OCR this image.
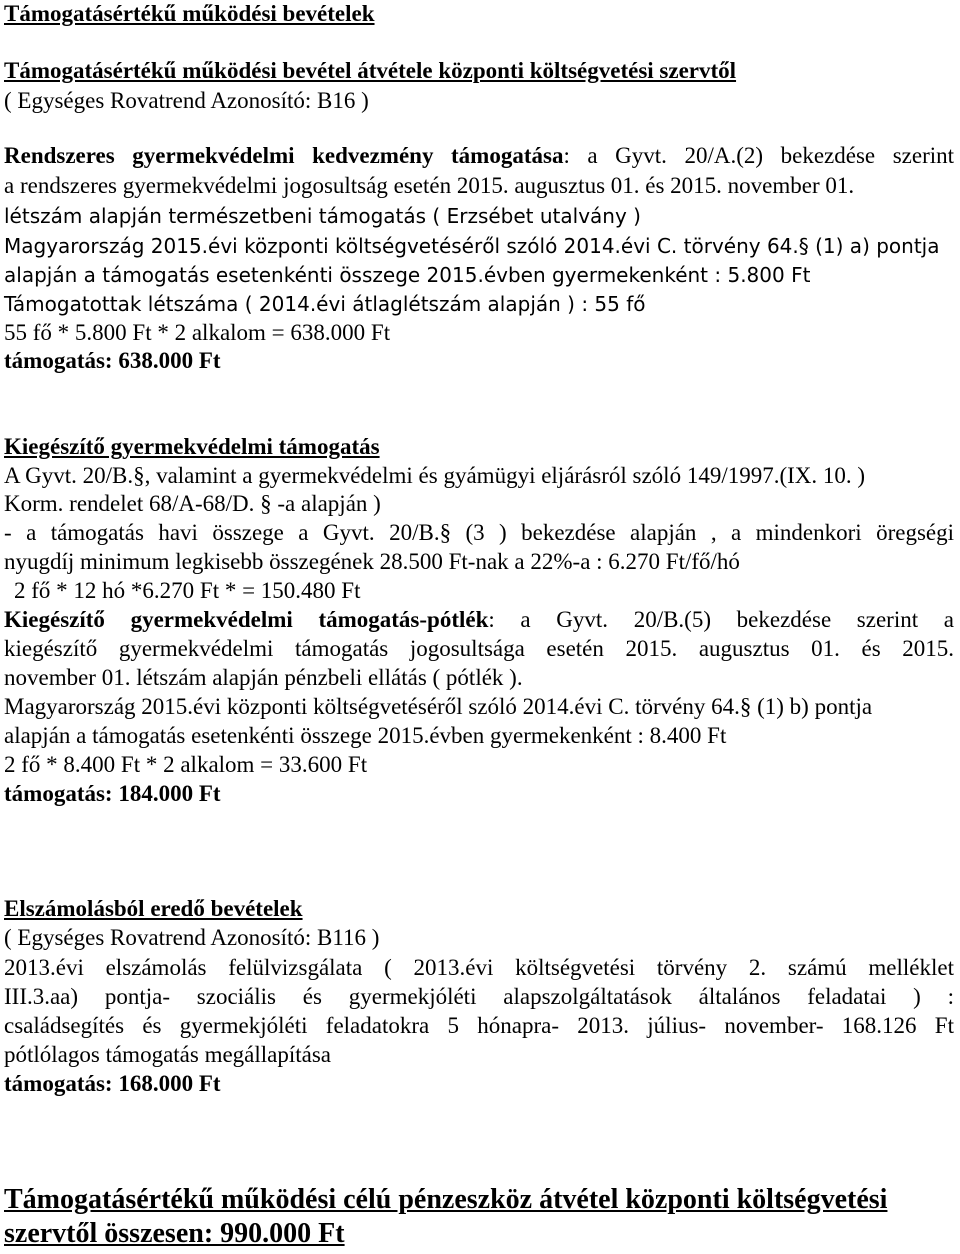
Támogatásértékű működési bevételek
Támogatásértékű működési bevétel átvétele központi költségvetési szervtől
( Egységes Rovatrend Azonosító: B16 )
Rendszeres gyermekvédelmi kedvezmény támogatása: a Gyvt. 20/A.(2) bekezdése szerint
a rendszeres gyermekvédelmi jogosultság esetén 2015. augusztus 01. és 2015. november 01.
létszám alapján természetbeni támogatás ( Erzsébet utalvány )
Magyarország 2015.évi központi költségvetéséről szóló 2014.évi C. törvény 64.§ (1) a) pontja
alapján a támogatás esetenkénti összege 2015.évben gyermekenként : 5.800 Ft
Támogatottak létszáma ( 2014.évi átlaglétszám alapján ) : 55 fő
55 fő * 5.800 Ft * 2 alkalom = 638.000 Ft
támogatás: 638.000 Ft
Kiegészítő gyermekvédelmi támogatás
A Gyvt. 20/B.§, valamint a gyermekvédelmi és gyámügyi eljárásról szóló 149/1997.(IX. 10. )
Korm. rendelet 68/A-68/D. § -a alapján )
- a támogatás havi összege a Gyvt. 20/B.§ (3 ) bekezdése alapján , a mindenkori öregségi
nyugdíj minimum legkisebb összegének 28.500 Ft-nak a 22%-a : 6.270 Ft/fő/hó
2 fő * 12 hó *6.270 Ft * = 150.480 Ft
Kiegészítő gyermekvédelmi támogatás-pótlék: a Gyvt. 20/B.(5) bekezdése szerint a
kiegészítő gyermekvédelmi támogatás jogosultsága esetén 2015. augusztus 01. és 2015.
november 01. létszám alapján pénzbeli ellátás ( pótlék ).
Magyarország 2015.évi központi költségvetéséről szóló 2014.évi C. törvény 64.§ (1) b) pontja
alapján a támogatás esetenkénti összege 2015.évben gyermekenként : 8.400 Ft
2 fő * 8.400 Ft * 2 alkalom = 33.600 Ft
támogatás: 184.000 Ft
Elszámolásból eredő bevételek
( Egységes Rovatrend Azonosító: B116 )
2013.évi elszámolás felülvizsgálata ( 2013.évi költségvetési törvény 2. számú melléklet
III.3.aa) pontja- szociális és gyermekjóléti alapszolgáltatások általános feladatai ) :
családsegítés és gyermekjóléti feladatokra 5 hónapra- 2013. július- november- 168.126 Ft
pótlólagos támogatás megállapítása
támogatás: 168.000 Ft
Támogatásértékű működési célú pénzeszköz átvétel központi költségvetési
szervtől összesen: 990.000 Ft
